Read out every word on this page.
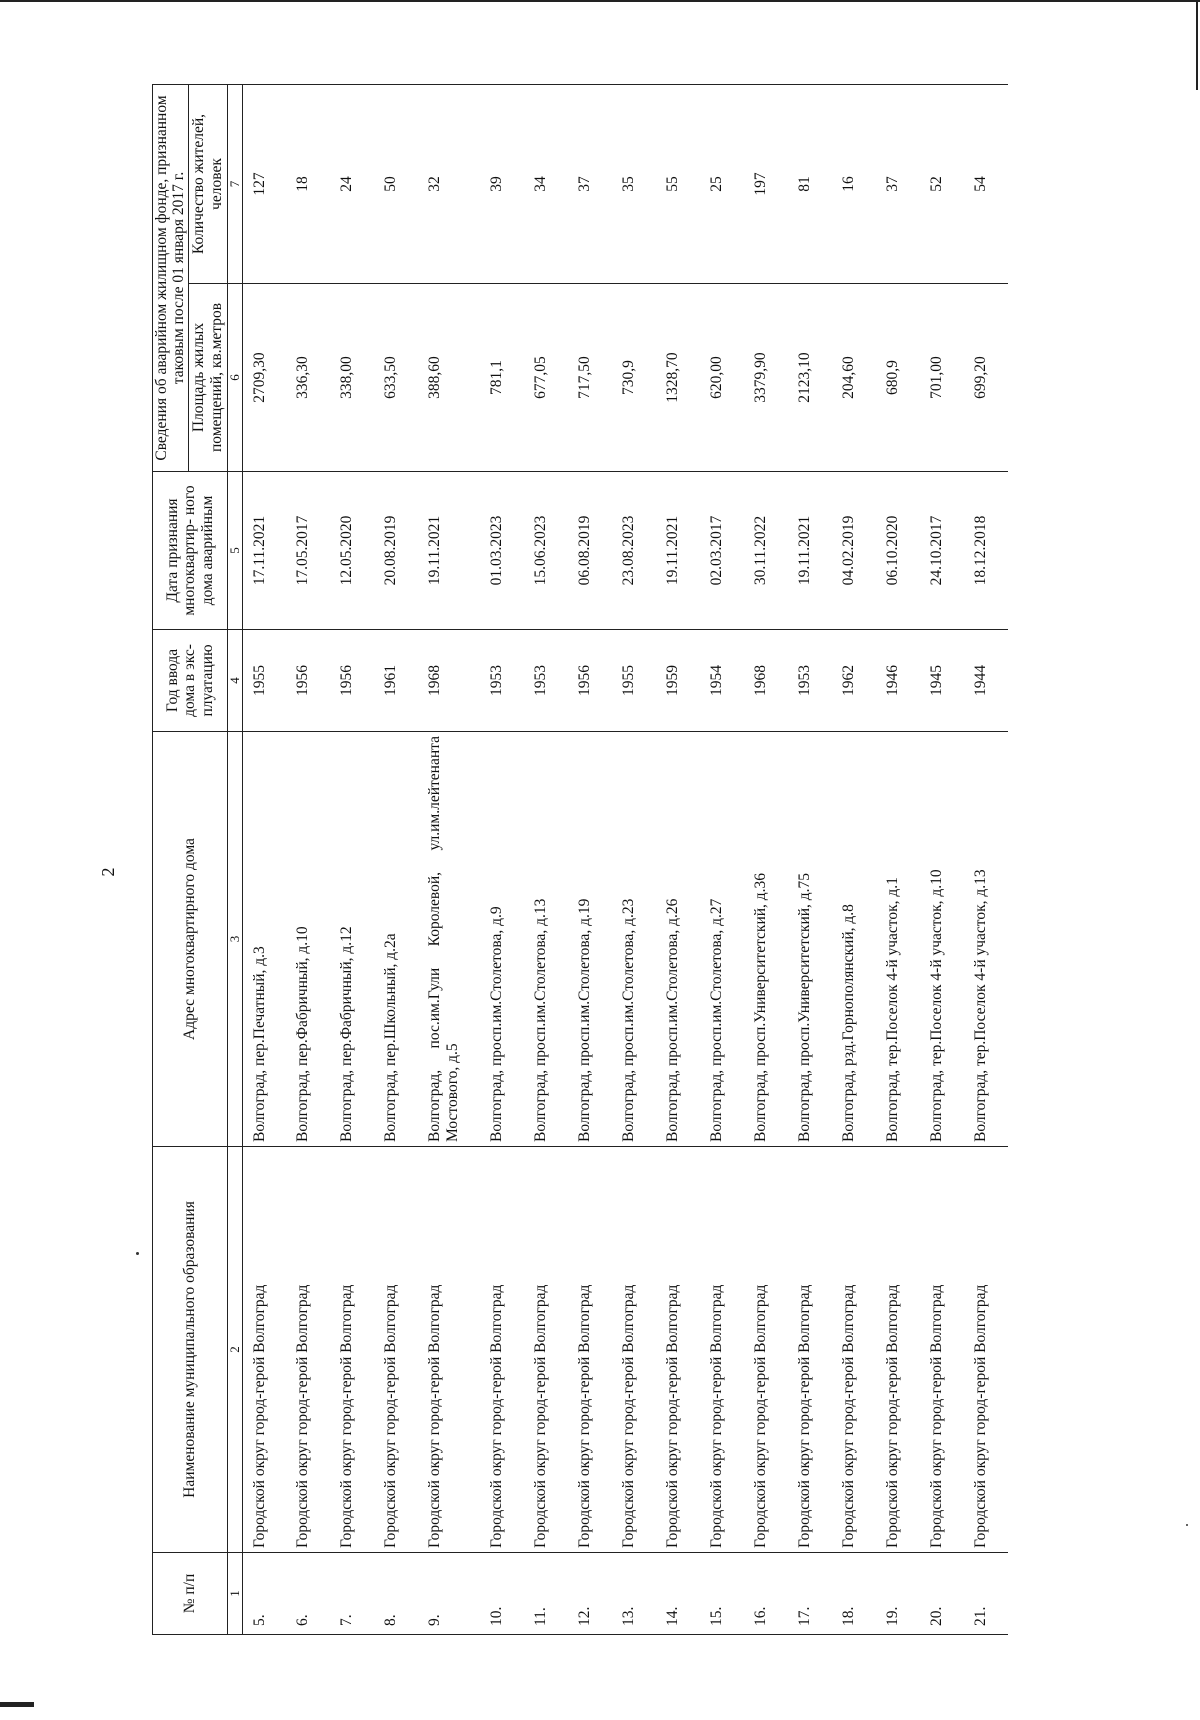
2
№ п/п	Наименование муниципального образования	Адрес многоквартирного дома	Год ввода дома в экс- плуатацию	Дата признания многоквартир- ного дома аварийным	Сведения об аварийном жилищном фонде, признанном таковым после 01 января 2017 г.	
					Площадь жилых помещений, кв.метров	Количество жителей, человек
1	2	3	4	5	6	7
5.	Городской округ город-герой Волгоград	Волгоград, пер.Печатный, д.3	1955	17.11.2021	2709,30	127
6.	Городской округ город-герой Волгоград	Волгоград, пер.Фабричный, д.10	1956	17.05.2017	336,30	18
7.	Городской округ город-герой Волгоград	Волгоград, пер.Фабричный, д.12	1956	12.05.2020	338,00	24
8.	Городской округ город-герой Волгоград	Волгоград, пер.Школьный, д.2а	1961	20.08.2019	633,50	50
9.	Городской округ город-герой Волгоград	Волгоград, пос.им.Гули Королевой, ул.им.лейтенанта Мостового, д.5	1968	19.11.2021	388,60	32
10.	Городской округ город-герой Волгоград	Волгоград, просп.им.Столетова, д.9	1953	01.03.2023	781,1	39
11.	Городской округ город-герой Волгоград	Волгоград, просп.им.Столетова, д.13	1953	15.06.2023	677,05	34
12.	Городской округ город-герой Волгоград	Волгоград, просп.им.Столетова, д.19	1956	06.08.2019	717,50	37
13.	Городской округ город-герой Волгоград	Волгоград, просп.им.Столетова, д.23	1955	23.08.2023	730,9	35
14.	Городской округ город-герой Волгоград	Волгоград, просп.им.Столетова, д.26	1959	19.11.2021	1328,70	55
15.	Городской округ город-герой Волгоград	Волгоград, просп.им.Столетова, д.27	1954	02.03.2017	620,00	25
16.	Городской округ город-герой Волгоград	Волгоград, просп.Университетский, д.36	1968	30.11.2022	3379,90	197
17.	Городской округ город-герой Волгоград	Волгоград, просп.Университетский, д.75	1953	19.11.2021	2123,10	81
18.	Городской округ город-герой Волгоград	Волгоград, рзд.Горнополянский, д.8	1962	04.02.2019	204,60	16
19.	Городской округ город-герой Волгоград	Волгоград, тер.Поселок 4-й участок, д.1	1946	06.10.2020	680,9	37
20.	Городской округ город-герой Волгоград	Волгоград, тер.Поселок 4-й участок, д.10	1945	24.10.2017	701,00	52
21.	Городской округ город-герой Волгоград	Волгоград, тер.Поселок 4-й участок, д.13	1944	18.12.2018	699,20	54
